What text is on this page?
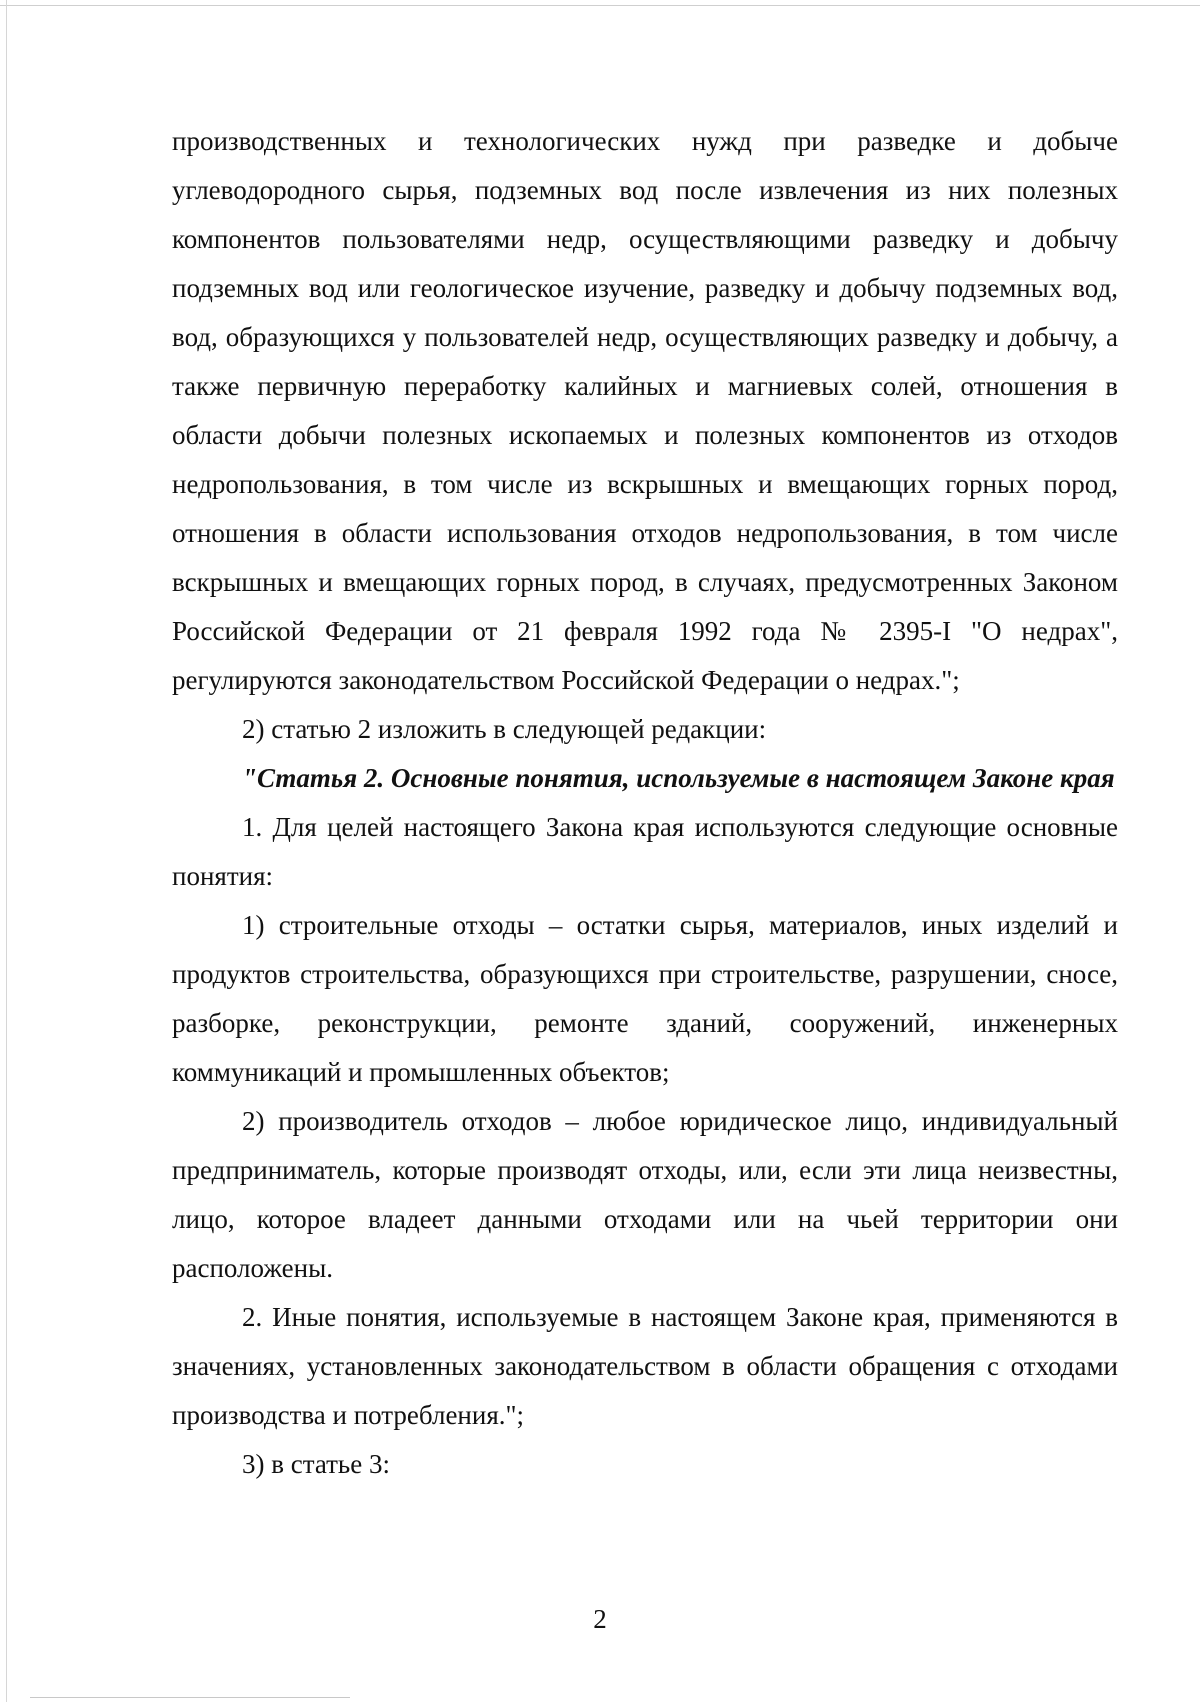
производственных и технологических нужд при разведке и добыче углеводородного сырья, подземных вод после извлечения из них полезных компонентов пользователями недр, осуществляющими разведку и добычу подземных вод или геологическое изучение, разведку и добычу подземных вод, вод, образующихся у пользователей недр, осуществляющих разведку и добычу, а также первичную переработку калийных и магниевых солей, отношения в области добычи полезных ископаемых и полезных компонентов из отходов недропользования, в том числе из вскрышных и вмещающих горных пород, отношения в области использования отходов недропользования, в том числе вскрышных и вмещающих горных пород, в случаях, предусмотренных Законом Российской Федерации от 21 февраля 1992 года № 2395-I "О недрах", регулируются законодательством Российской Федерации о недрах.";

2) статью 2 изложить в следующей редакции:

"Статья 2. Основные понятия, используемые в настоящем Законе края

1. Для целей настоящего Закона края используются следующие основные понятия:

1) строительные отходы – остатки сырья, материалов, иных изделий и продуктов строительства, образующихся при строительстве, разрушении, сносе, разборке, реконструкции, ремонте зданий, сооружений, инженерных коммуникаций и промышленных объектов;

2) производитель отходов – любое юридическое лицо, индивидуальный предприниматель, которые производят отходы, или, если эти лица неизвестны, лицо, которое владеет данными отходами или на чьей территории они расположены.

2. Иные понятия, используемые в настоящем Законе края, применяются в значениях, установленных законодательством в области обращения с отходами производства и потребления.";

3) в статье 3:

2
